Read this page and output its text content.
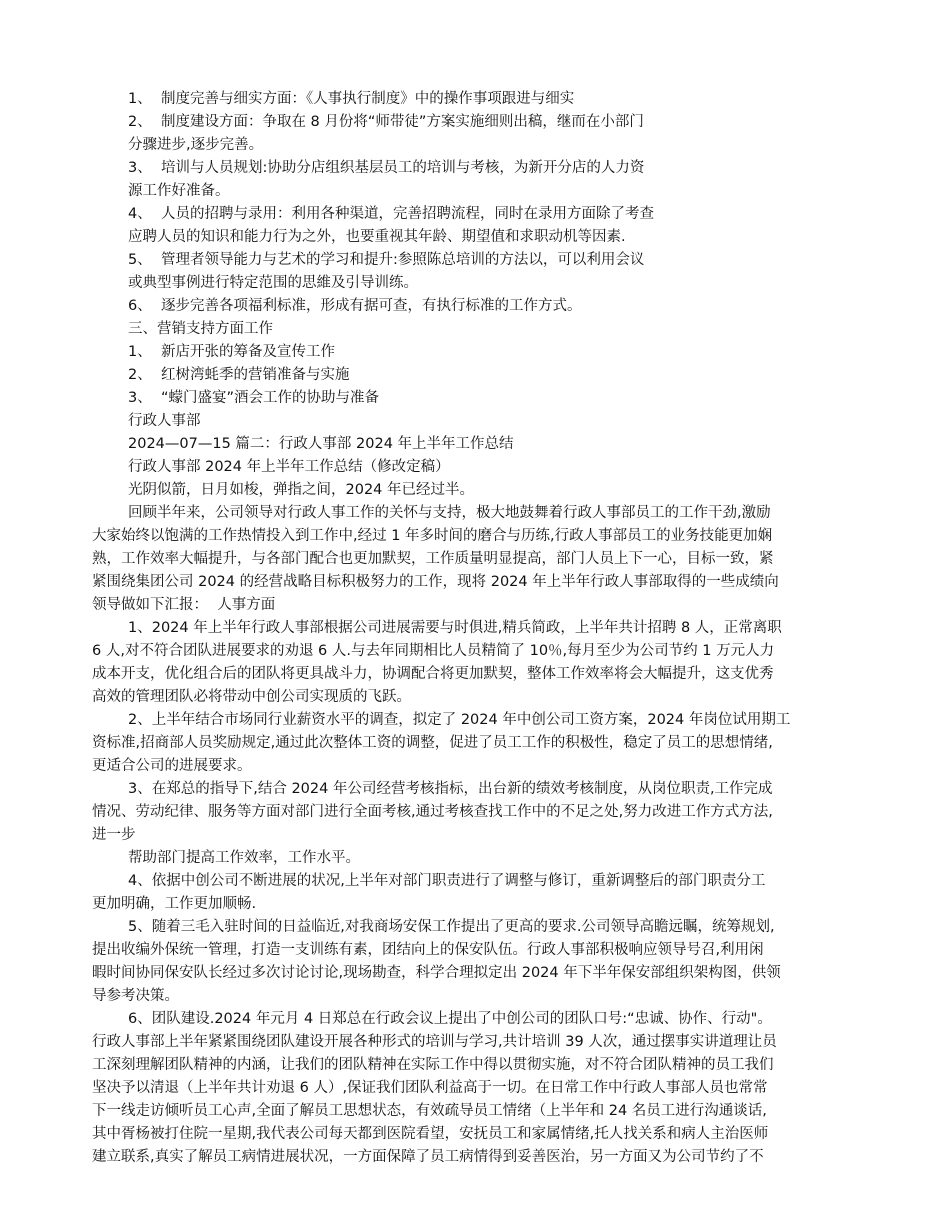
1、  制度完善与细实方面：《人事执行制度》中的操作事项跟进与细实
2、  制度建设方面：争取在 8 月份将“师带徒”方案实施细则出稿，继而在小部门
分骤进步,逐步完善。
3、  培训与人员规划:协助分店组织基层员工的培训与考核，为新开分店的人力资
源工作好准备。
4、  人员的招聘与录用：利用各种渠道，完善招聘流程，同时在录用方面除了考查
应聘人员的知识和能力行为之外，也要重视其年龄、期望值和求职动机等因素.
5、  管理者领导能力与艺术的学习和提升:参照陈总培训的方法以，可以利用会议
或典型事例进行特定范围的思維及引导训练。
6、  逐步完善各项福利标准，形成有据可查，有执行标准的工作方式。
三、营销支持方面工作
1、  新店开张的筹备及宣传工作
2、  红树湾蚝季的营销准备与实施
3、  “蠓门盛宴”酒会工作的协助与准备
行政人事部
2024—07—15 篇二：行政人事部 2024 年上半年工作总结
行政人事部 2024 年上半年工作总结（修改定稿）
光阴似箭，日月如梭，弹指之间，2024 年已经过半。
回顾半年来，公司领导对行政人事工作的关怀与支持，极大地鼓舞着行政人事部员工的工作干劲,激励
大家始终以饱满的工作热情投入到工作中,经过 1 年多时间的磨合与历练,行政人事部员工的业务技能更加娴
熟，工作效率大幅提升，与各部门配合也更加默契，工作质量明显提高，部门人员上下一心，目标一致，紧
紧围绕集团公司 2024 的经营战略目标积极努力的工作，现将 2024 年上半年行政人事部取得的一些成绩向
领导做如下汇报：  人事方面
1、2024 年上半年行政人事部根据公司进展需要与时俱进,精兵简政，上半年共计招聘 8 人，正常离职
6 人,对不符合团队进展要求的劝退 6 人.与去年同期相比人员精简了 10％,每月至少为公司节约 1 万元人力
成本开支，优化组合后的团队将更具战斗力，协调配合将更加默契，整体工作效率将会大幅提升，这支优秀
高效的管理团队必将带动中创公司实现质的飞跃。
2、上半年结合市场同行业薪资水平的调查，拟定了 2024 年中创公司工资方案，2024 年岗位试用期工
资标准,招商部人员奖励规定,通过此次整体工资的调整，促进了员工工作的积极性，稳定了员工的思想情绪,
更适合公司的进展要求。
3、在郑总的指导下,结合 2024 年公司经营考核指标，出台新的绩效考核制度，从岗位职责,工作完成
情况、劳动纪律、服务等方面对部门进行全面考核,通过考核查找工作中的不足之处,努力改进工作方式方法,
进一步
帮助部门提高工作效率，工作水平。
4、依据中创公司不断进展的状况,上半年对部门职责进行了调整与修订，重新调整后的部门职责分工
更加明确，工作更加顺畅.
5、随着三毛入驻时间的日益临近,对我商场安保工作提出了更高的要求.公司领导高瞻远瞩，统筹规划,
提出收编外保统一管理，打造一支训练有素，团结向上的保安队伍。行政人事部积极响应领导号召,利用闲
暇时间协同保安队长经过多次讨论讨论,现场勘查，科学合理拟定出 2024 年下半年保安部组织架构图，供领
导参考决策。
6、团队建设.2024 年元月 4 日郑总在行政会议上提出了中创公司的团队口号:“忠诚、协作、行动"。
行政人事部上半年紧紧围绕团队建设开展各种形式的培训与学习,共计培训 39 人次，通过摆事实讲道理让员
工深刻理解团队精神的内涵，让我们的团队精神在实际工作中得以贯彻实施，对不符合团队精神的员工我们
坚决予以清退（上半年共计劝退 6 人）,保证我们团队利益高于一切。在日常工作中行政人事部人员也常常
下一线走访倾听员工心声,全面了解员工思想状态，有效疏导员工情绪（上半年和 24 名员工进行沟通谈话,
其中胥杨被打住院一星期,我代表公司每天都到医院看望，安抚员工和家属情绪,托人找关系和病人主治医师
建立联系,真实了解员工病情进展状况，一方面保障了员工病情得到妥善医治，另一方面又为公司节约了不
